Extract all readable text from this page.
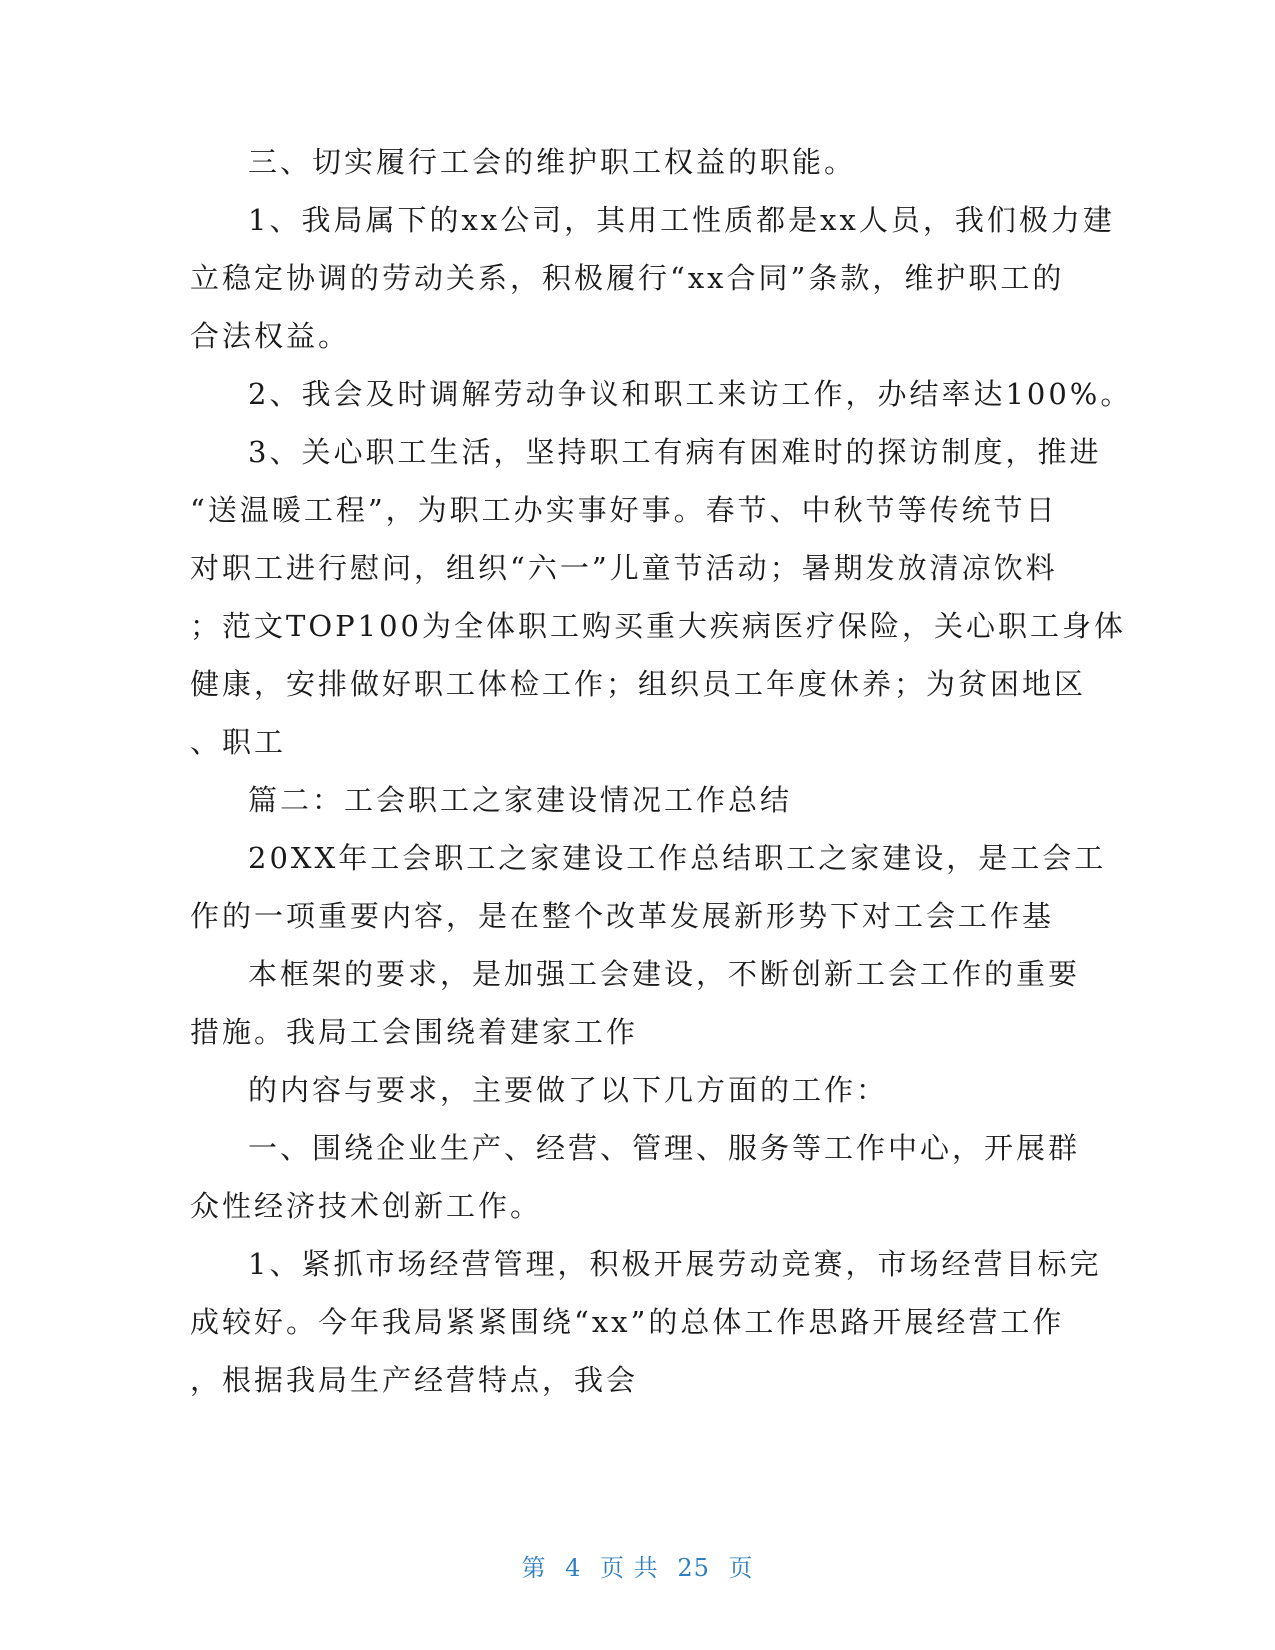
三、切实履行工会的维护职工权益的职能。
1、我局属下的xx公司，其用工性质都是xx人员，我们极力建
立稳定协调的劳动关系，积极履行“xx合同”条款，维护职工的
合法权益。
2、我会及时调解劳动争议和职工来访工作，办结率达100%。
3、关心职工生活，坚持职工有病有困难时的探访制度，推进
“送温暖工程”，为职工办实事好事。春节、中秋节等传统节日
对职工进行慰问，组织“六一”儿童节活动；暑期发放清凉饮料
；范文TOP100为全体职工购买重大疾病医疗保险，关心职工身体
健康，安排做好职工体检工作；组织员工年度休养；为贫困地区
、职工
篇二：工会职工之家建设情况工作总结
20XX年工会职工之家建设工作总结职工之家建设，是工会工
作的一项重要内容，是在整个改革发展新形势下对工会工作基
本框架的要求，是加强工会建设，不断创新工会工作的重要
措施。我局工会围绕着建家工作
的内容与要求，主要做了以下几方面的工作：
一、围绕企业生产、经营、管理、服务等工作中心，开展群
众性经济技术创新工作。
1、紧抓市场经营管理，积极开展劳动竞赛，市场经营目标完
成较好。今年我局紧紧围绕“xx”的总体工作思路开展经营工作
，根据我局生产经营特点，我会
第 4 页 共 25 页
